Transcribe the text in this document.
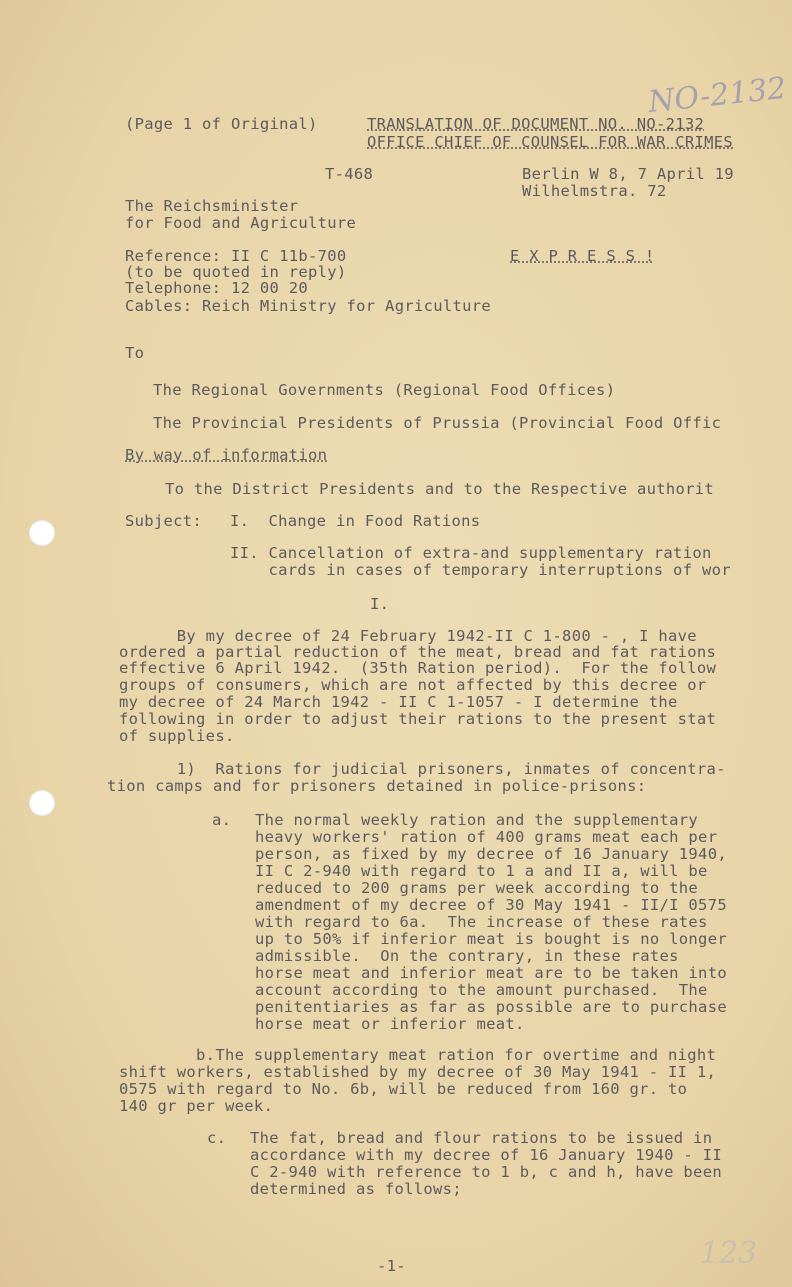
NO-2132
(Page 1 of Original)	TRANSLATION OF DOCUMENT NO. NO-2132
OFFICE CHIEF OF COUNSEL FOR WAR CRIMES
T-468	Berlin W 8, 7 April 19
Wilhelmstra. 72
The Reichsminister
for Food and Agriculture
Reference: II C 11b-700
(to be quoted in reply)
Telephone: 12 00 20
Cables: Reich Ministry for Agriculture
E X P R E S S !
To
The Regional Governments (Regional Food Offices)
The Provincial Presidents of Prussia (Provincial Food Offic
By way of information
To the District Presidents and to the Respective authorit
Subject: I.  Change in Food Rations
II. Cancellation of extra-and supplementary ration
cards in cases of temporary interruptions of wor
I.
By my decree of 24 February 1942-II C 1-800 - , I have
ordered a partial reduction of the meat, bread and fat rations
effective 6 April 1942.  (35th Ration period).  For the follow
groups of consumers, which are not affected by this decree or
my decree of 24 March 1942 - II C 1-1057 - I determine the
following in order to adjust their rations to the present stat
of supplies.
1)  Rations for judicial prisoners, inmates of concentra-
tion camps and for prisoners detained in police-prisons:
a. The normal weekly ration and the supplementary
heavy workers' ration of 400 grams meat each per
person, as fixed by my decree of 16 January 1940,
II C 2-940 with regard to 1 a and II a, will be
reduced to 200 grams per week according to the
amendment of my decree of 30 May 1941 - II/I 0575
with regard to 6a.  The increase of these rates
up to 50% if inferior meat is bought is no longer
admissible.  On the contrary, in these rates
horse meat and inferior meat are to be taken into
account according to the amount purchased.  The
penitentiaries as far as possible are to purchase
horse meat or inferior meat.
b.The supplementary meat ration for overtime and night
shift workers, established by my decree of 30 May 1941 - II 1,
0575 with regard to No. 6b, will be reduced from 160 gr. to
140 gr per week.
c. The fat, bread and flour rations to be issued in
accordance with my decree of 16 January 1940 - II
C 2-940 with reference to 1 b, c and h, have been
determined as follows;
-1-	123
